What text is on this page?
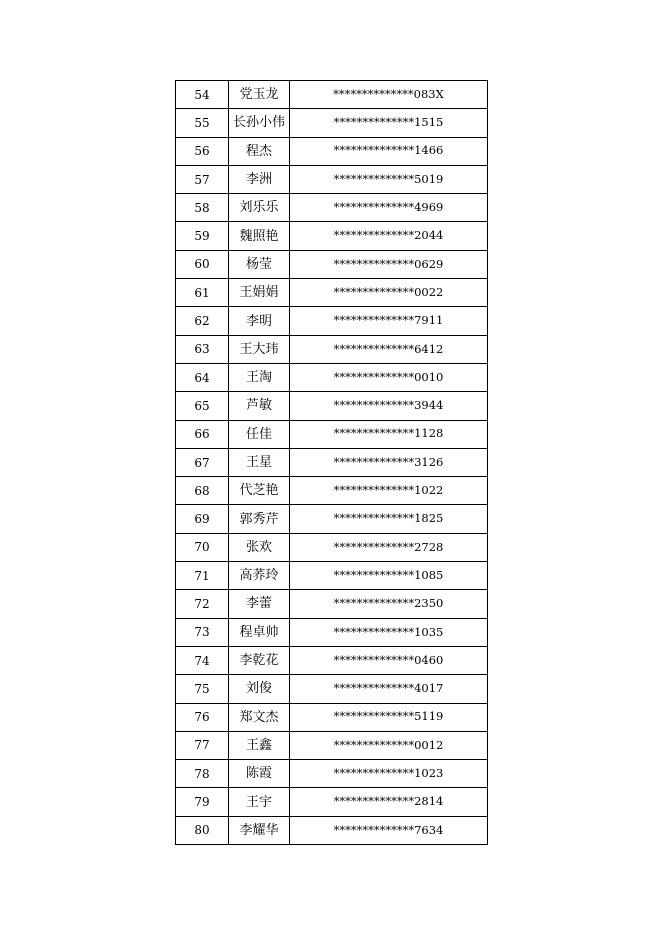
54	党玉龙	**************083X
55	长孙小伟	**************1515
56	程杰	**************1466
57	李洲	**************5019
58	刘乐乐	**************4969
59	魏照艳	**************2044
60	杨莹	**************0629
61	王娟娟	**************0022
62	李明	**************7911
63	王大玮	**************6412
64	王淘	**************0010
65	芦敏	**************3944
66	任佳	**************1128
67	王星	**************3126
68	代芝艳	**************1022
69	郭秀芹	**************1825
70	张欢	**************2728
71	高荞玲	**************1085
72	李蕾	**************2350
73	程卓帅	**************1035
74	李乾花	**************0460
75	刘俊	**************4017
76	郑文杰	**************5119
77	王鑫	**************0012
78	陈霞	**************1023
79	王宇	**************2814
80	李耀华	**************7634
